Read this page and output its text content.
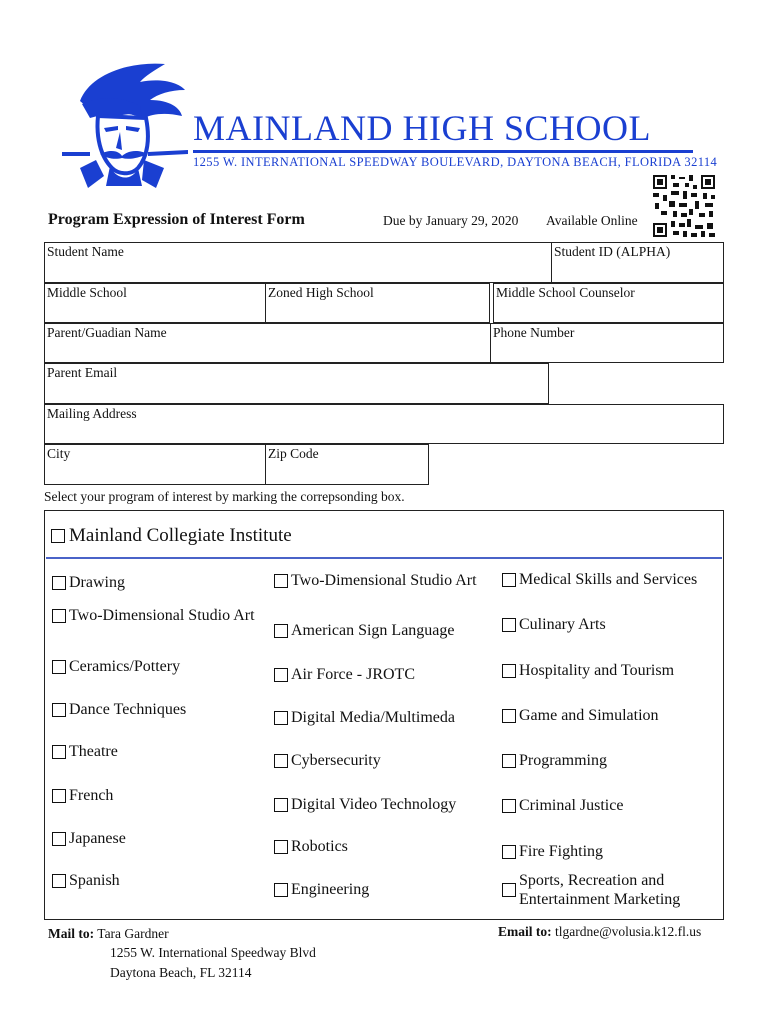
MAINLAND HIGH SCHOOL
1255 W. INTERNATIONAL SPEEDWAY BOULEVARD, DAYTONA BEACH, FLORIDA 32114
Program Expression of Interest Form	Due by January 29, 2020 Available Online
Student Name	Student ID (ALPHA)
Middle School	Zoned High School	Middle School Counselor
Parent/Guadian Name	Phone Number
Parent Email
Mailing Address
City	Zip Code
Select your program of interest by marking the correpsonding box.
Mainland Collegiate Institute
Drawing
Two-Dimensional Studio Art
Ceramics/Pottery
Dance Techniques
Theatre
French
Japanese
Spanish
Two-Dimensional Studio Art
American Sign Language
Air Force - JROTC
Digital Media/Multimeda
Cybersecurity
Digital Video Technology
Robotics
Engineering
Medical Skills and Services
Culinary Arts
Hospitality and Tourism
Game and Simulation
Programming
Criminal Justice
Fire Fighting
Sports, Recreation and Entertainment Marketing
Mail to: Tara Gardner
1255 W. International Speedway Blvd
Daytona Beach, FL 32114
Email to: tlgardne@volusia.k12.fl.us
